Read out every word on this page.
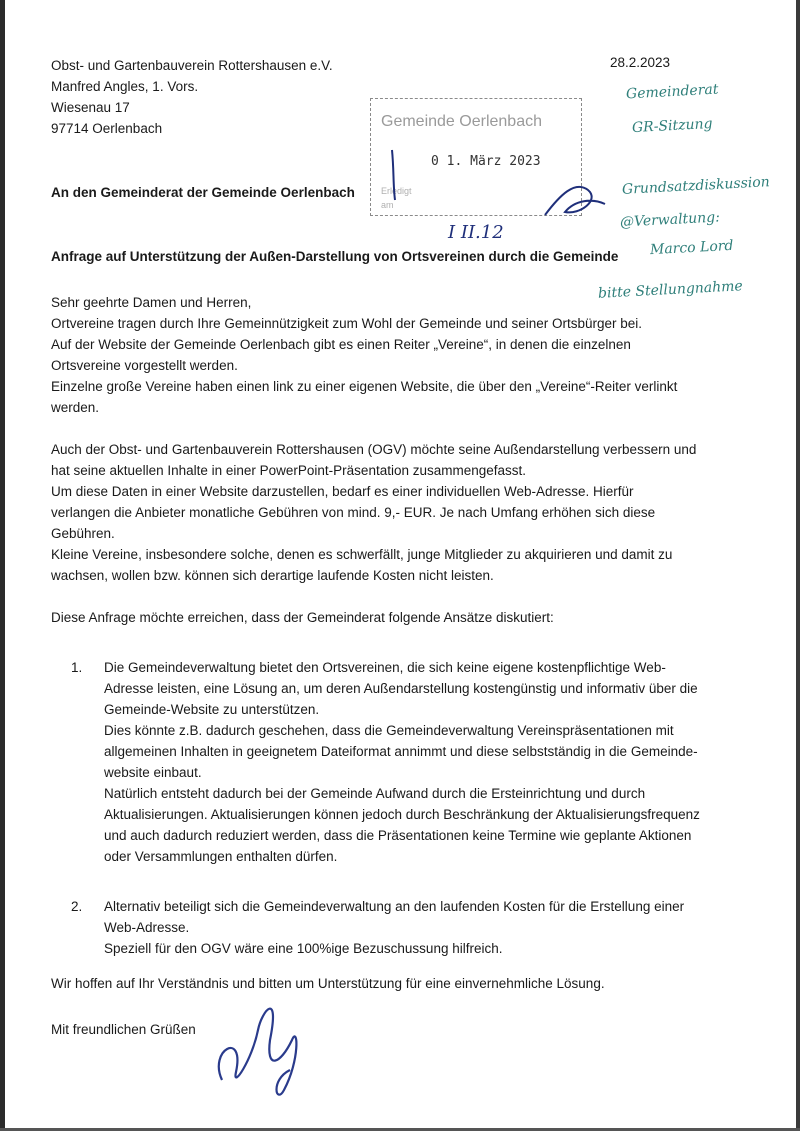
Obst- und Gartenbauverein Rottershausen e.V.
Manfred Angles, 1. Vors.
Wiesenau 17
97714 Oerlenbach
28.2.2023
Gemeinde Oerlenbach
0 1. März 2023
Erledigt
am
An den Gemeinderat der Gemeinde Oerlenbach
Anfrage auf Unterstützung der Außen-Darstellung von Ortsvereinen durch die Gemeinde

Sehr geehrte Damen und Herren,

Ortvereine tragen durch Ihre Gemeinnützigkeit zum Wohl der Gemeinde und seiner Ortsbürger bei.

Auf der Website der Gemeinde Oerlenbach gibt es einen Reiter „Vereine“, in denen die einzelnen

Ortsvereine vorgestellt werden.

Einzelne große Vereine haben einen link zu einer eigenen Website, die über den „Vereine“-Reiter verlinkt

werden.

Auch der Obst- und Gartenbauverein Rottershausen (OGV) möchte seine Außendarstellung verbessern und

hat seine aktuellen Inhalte in einer PowerPoint-Präsentation zusammengefasst.

Um diese Daten in einer Website darzustellen, bedarf es einer individuellen Web-Adresse. Hierfür

verlangen die Anbieter monatliche Gebühren von mind. 9,- EUR. Je nach Umfang erhöhen sich diese

Gebühren.

Kleine Vereine, insbesondere solche, denen es schwerfällt, junge Mitglieder zu akquirieren und damit zu

wachsen, wollen bzw. können sich derartige laufende Kosten nicht leisten.

Diese Anfrage möchte erreichen, dass der Gemeinderat folgende Ansätze diskutiert:

1.	Die Gemeindeverwaltung bietet den Ortsvereinen, die sich keine eigene kostenpflichtige Web-

Adresse leisten, eine Lösung an, um deren Außendarstellung kostengünstig und informativ über die

Gemeinde-Website zu unterstützen.

Dies könnte z.B. dadurch geschehen, dass die Gemeindeverwaltung Vereinspräsentationen mit

allgemeinen Inhalten in geeignetem Dateiformat annimmt und diese selbstständig in die Gemeinde-

website einbaut.

Natürlich entsteht dadurch bei der Gemeinde Aufwand durch die Ersteinrichtung und durch

Aktualisierungen. Aktualisierungen können jedoch durch Beschränkung der Aktualisierungsfrequenz

und auch dadurch reduziert werden, dass die Präsentationen keine Termine wie geplante Aktionen

oder Versammlungen enthalten dürfen.

2.	Alternativ beteiligt sich die Gemeindeverwaltung an den laufenden Kosten für die Erstellung einer

Web-Adresse.

Speziell für den OGV wäre eine 100%ige Bezuschussung hilfreich.

Wir hoffen auf Ihr Verständnis und bitten um Unterstützung für eine einvernehmliche Lösung.
Mit freundlichen Grüßen
I II.12
Gemeinderat
GR-Sitzung
Grundsatzdiskussion
@Verwaltung:
Marco Lord
bitte Stellungnahme
